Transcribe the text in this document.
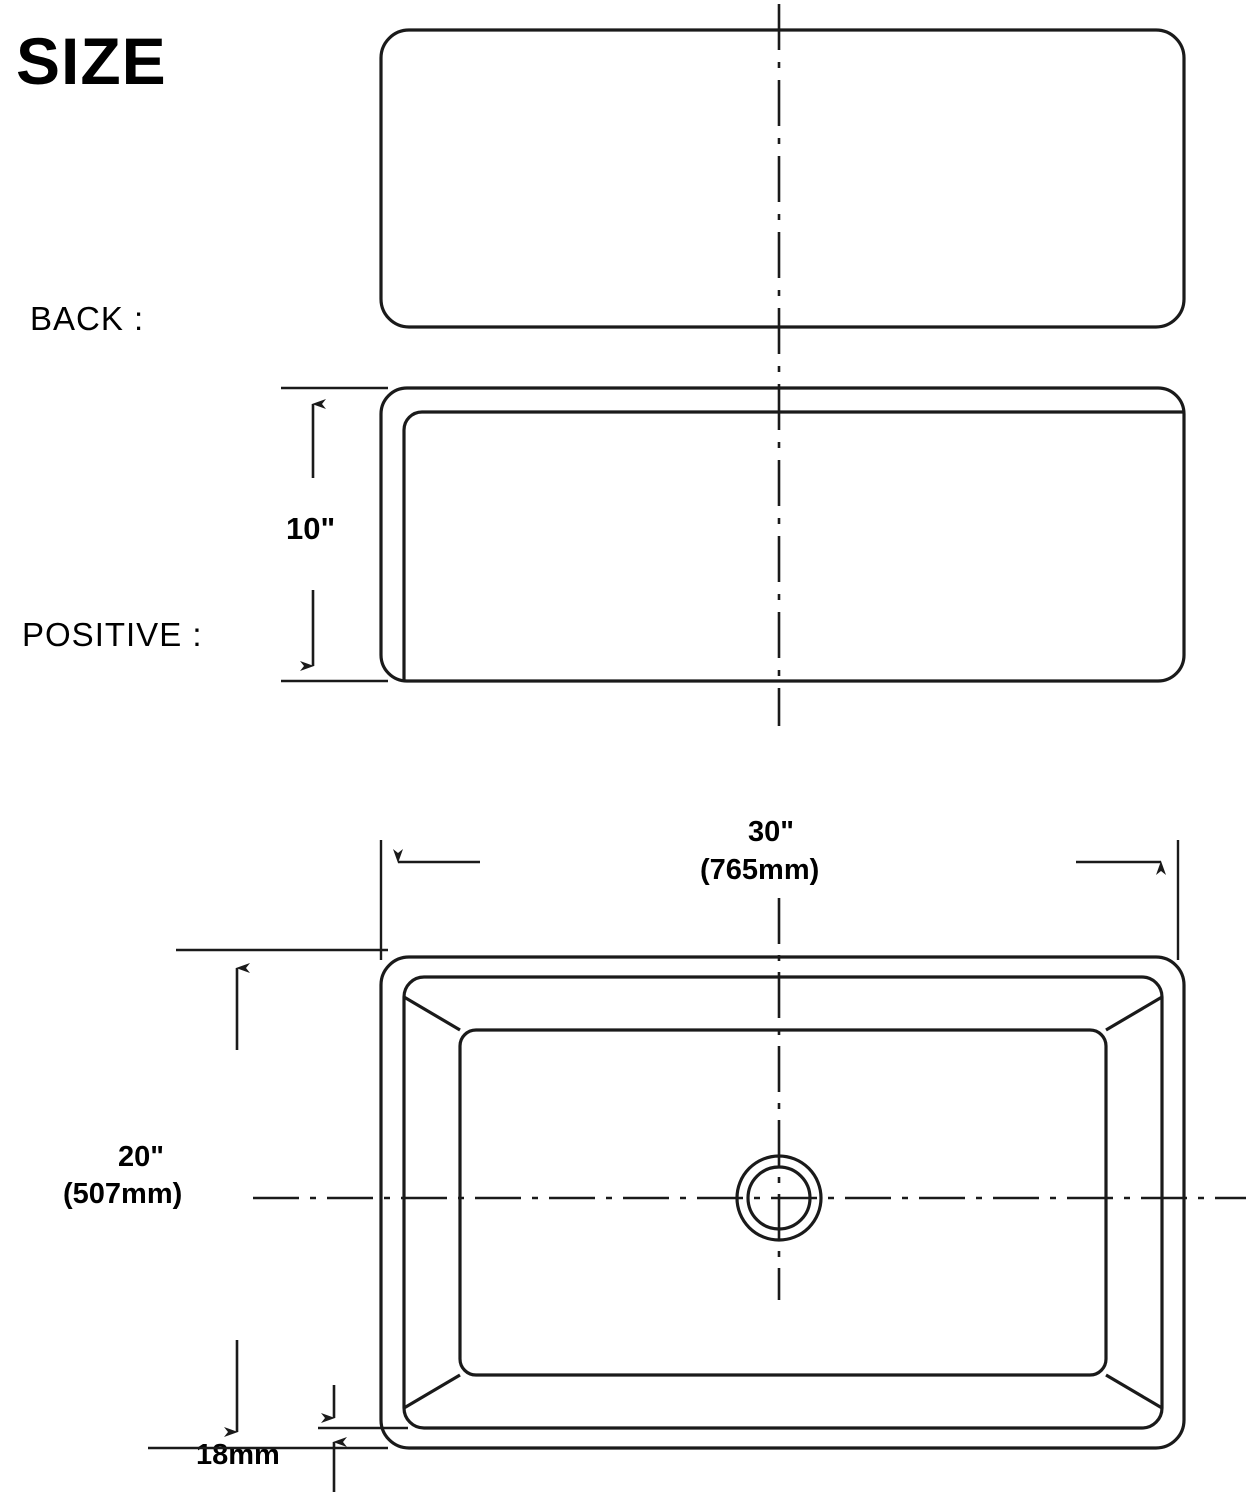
SIZE
BACK :
POSITIVE :
10"
30"
(765mm)
20"
(507mm)
18mm
